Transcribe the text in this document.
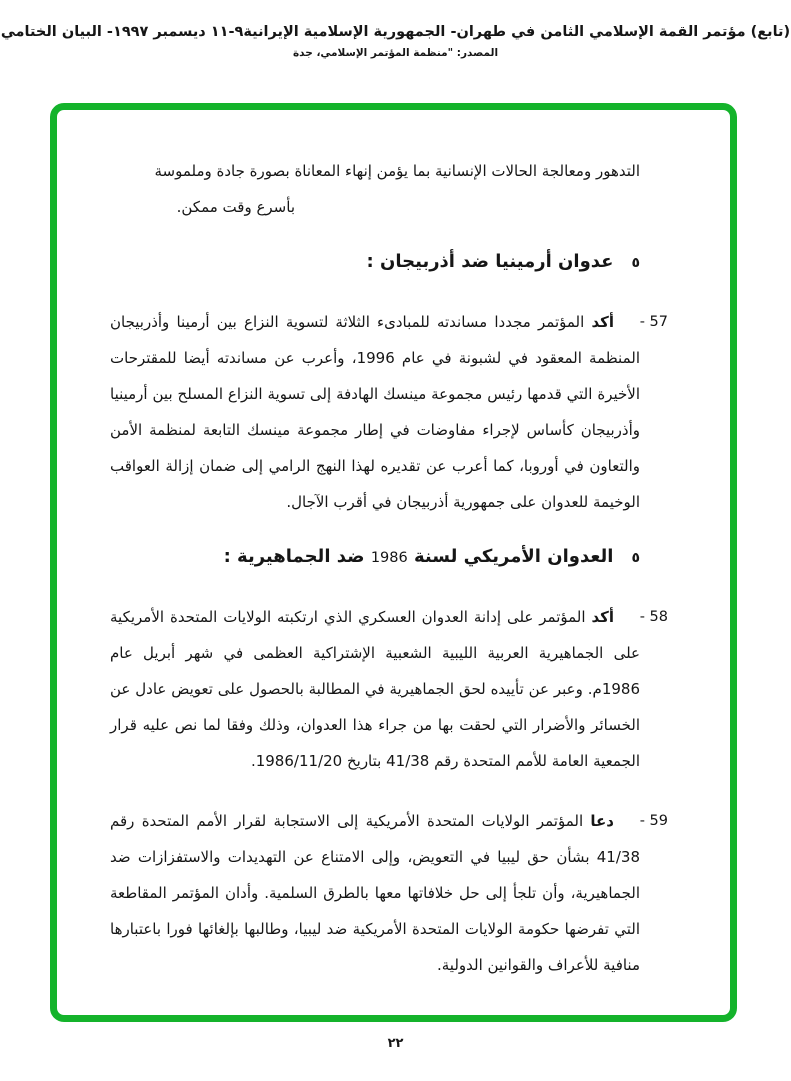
(تابع) مؤتمر القمة الإسلامي الثامن في طهران- الجمهورية الإسلامية الإيرانية٩-١١ ديسمبر ١٩٩٧- البيان الختامي
المصدر: "منظمة المؤتمر الإسلامي، جدة

التدهور ومعالجة الحالات الإنسانية بما يؤمن إنهاء المعاناة بصورة جادة وملموسة

بأسرع وقت ممكن.

٥عدوان أرمينيا ضد أذربيجان :
57 -

أكد المؤتمر مجددا مساندته للمبادىء الثلاثة لتسوية النزاع بين أرمينا وأذربيجان المنظمة المعقود في لشبونة في عام 1996، وأعرب عن مساندته أيضا للمقترحات الأخيرة التي قدمها رئيس مجموعة مينسك الهادفة إلى تسوية النزاع المسلح بين أرمينيا وأذربيجان كأساس لإجراء مفاوضات في إطار مجموعة مينسك التابعة لمنظمة الأمن والتعاون في أوروبا، كما أعرب عن تقديره لهذا النهج الرامي إلى ضمان إزالة العواقب الوخيمة للعدوان على جمهورية أذربيجان في أقرب الآجال.

٥العدوان الأمريكي لسنة 1986 ضد الجماهيرية :
58 -

أكد المؤتمر على إدانة العدوان العسكري الذي ارتكبته الولايات المتحدة الأمريكية على الجماهيرية العربية الليبية الشعبية الإشتراكية العظمى في شهر أبريل عام 1986م. وعبر عن تأييده لحق الجماهيرية في المطالبة بالحصول على تعويض عادل عن الخسائر والأضرار التي لحقت بها من جراء هذا العدوان، وذلك وفقا لما نص عليه قرار الجمعية العامة للأمم المتحدة رقم 41/38 بتاريخ 1986/11/20.

59 -

دعا المؤتمر الولايات المتحدة الأمريكية إلى الاستجابة لقرار الأمم المتحدة رقم 41/38 بشأن حق ليبيا في التعويض، وإلى الامتناع عن التهديدات والاستفزازات ضد الجماهيرية، وأن تلجأ إلى حل خلافاتها معها بالطرق السلمية. وأدان المؤتمر المقاطعة التي تفرضها حكومة الولايات المتحدة الأمريكية ضد ليبيا، وطالبها بإلغائها فورا باعتبارها منافية للأعراف والقوانين الدولية.

٢٢
